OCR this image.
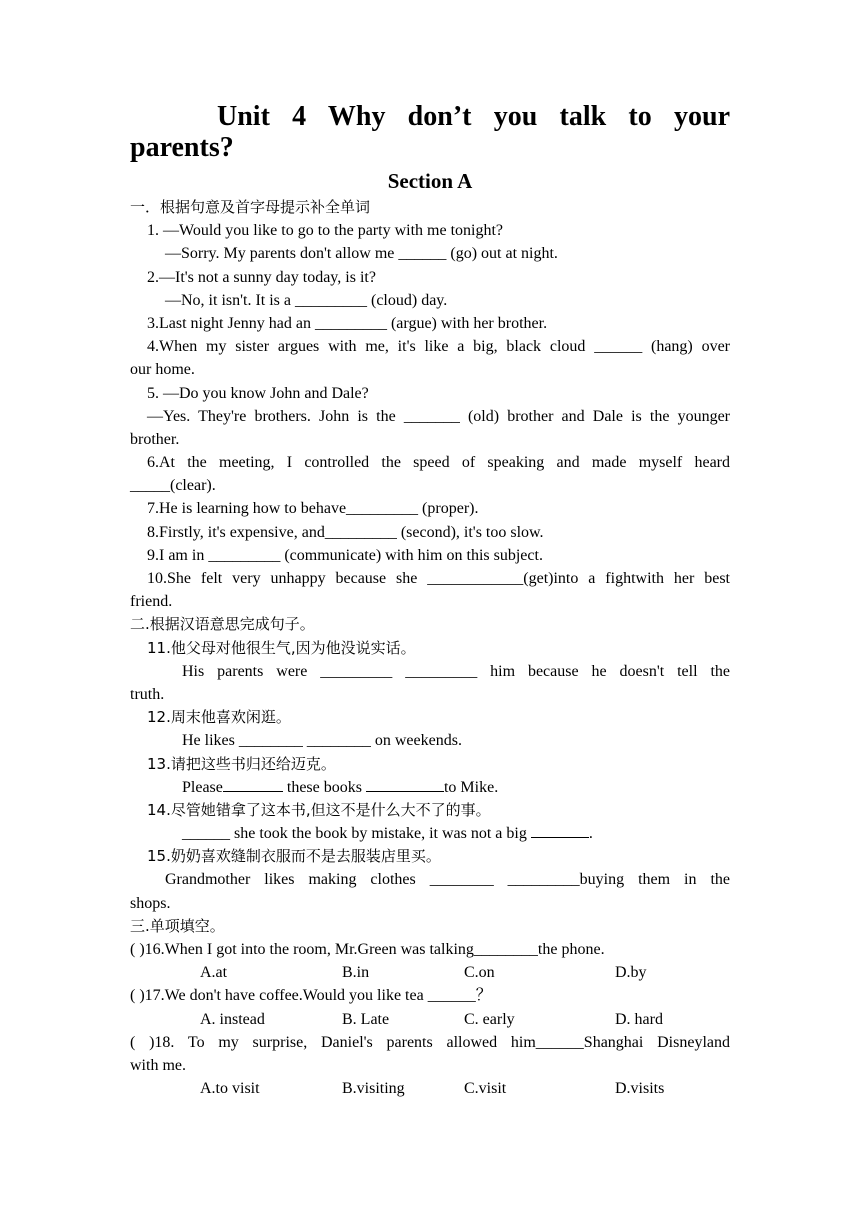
Unit 4 Why don’t you talk to your
parents?
Section A
一．根据句意及首字母提示补全单词
1. —Would you like to go to the party with me tonight?
—Sorry. My parents don't allow me ______ (go) out at night.
2.—It's not a sunny day today, is it?
—No, it isn't. It is a _________ (cloud) day.
3.Last night Jenny had an _________ (argue) with her brother.
4.When my sister argues with me, it's like a big, black cloud ______ (hang) over
our home.
5. —Do you know John and Dale?
—Yes. They're brothers. John is the _______ (old) brother and Dale is the younger
brother.
6.At the meeting, I controlled the speed of speaking and made myself heard
_____(clear).
7.He is learning how to behave_________ (proper).
8.Firstly, it's expensive, and_________ (second), it's too slow.
9.I am in _________ (communicate) with him on this subject.
10.She felt very unhappy because she ____________(get)into a fightwith her best
friend.
二.根据汉语意思完成句子。
11.他父母对他很生气,因为他没说实话。
His parents were _________ _________ him because he doesn't tell the
truth.
12.周末他喜欢闲逛。
He likes ________ ________ on weekends.
13.请把这些书归还给迈克。
Please	these books	to Mike.
14.尽管她错拿了这本书,但这不是什么大不了的事。
______ she took the book by mistake, it was not a big	.
15.奶奶喜欢缝制衣服而不是去服装店里买。
Grandmother likes making clothes ________ _________buying them in the
shops.
三.单项填空。
( )16.When I got into the room, Mr.Green was talking________the phone.
A.at	B.in	C.on	D.by
( )17.We don't have coffee.Would you like tea ______？
A. instead	B. Late	C. early	D. hard
( )18. To my surprise, Daniel's parents allowed him______Shanghai Disneyland
with me.
A.to visit	B.visiting	C.visit	D.visits
